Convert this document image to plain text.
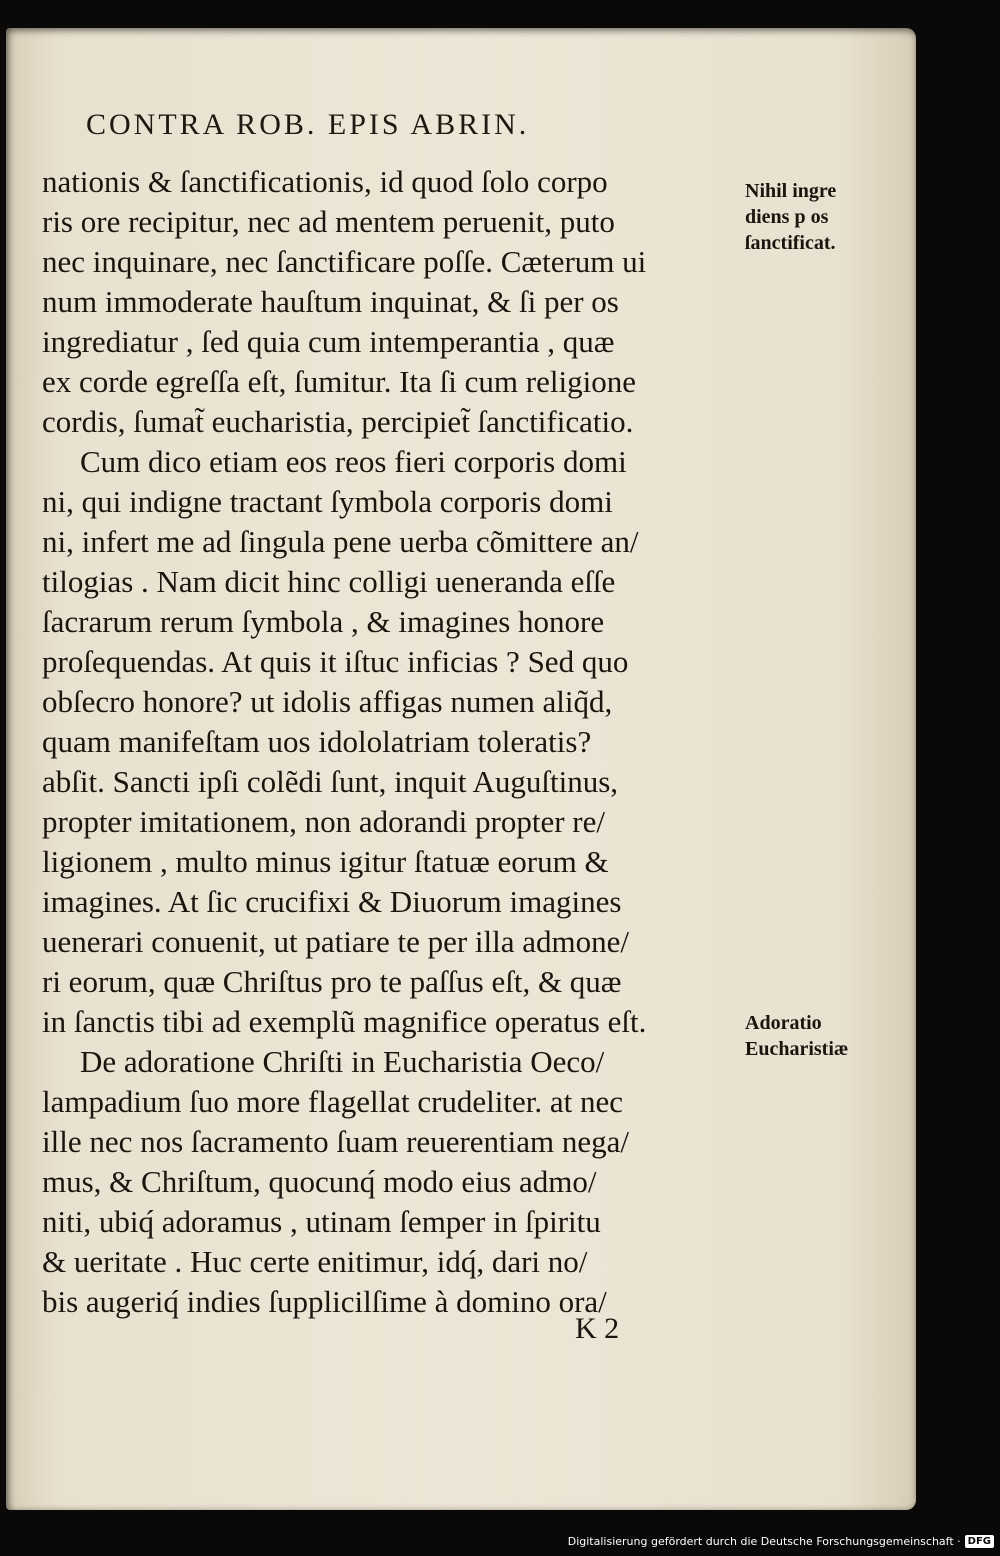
CONTRA ROB. EPIS ABRIN.
nationis & ſanctificationis, id quod ſolo corpo
ris ore recipitur, nec ad mentem peruenit, puto
nec inquinare, nec ſanctificare poſſe. Cæterum ui
num immoderate hauſtum inquinat, & ſi per os
ingrediatur , ſed quia cum intemperantia , quæ
ex corde egreſſa eſt, ſumitur. Ita ſi cum religione
cordis, ſumat̃ eucharistia, percipiet̃ ſanctificatio.
Cum dico etiam eos reos fieri corporis domi
ni, qui indigne tractant ſymbola corporis domi
ni, infert me ad ſingula pene uerba cõmittere an/
tilogias . Nam dicit hinc colligi ueneranda eſſe
ſacrarum rerum ſymbola , & imagines honore
proſequendas. At quis it iſtuc inficias ? Sed quo
obſecro honore? ut idolis affigas numen aliq̃d,
quam manifeſtam uos idololatriam toleratis?
abſit. Sancti ipſi colẽdi ſunt, inquit Auguſtinus,
propter imitationem, non adorandi propter re/
ligionem , multo minus igitur ſtatuæ eorum &
imagines. At ſic crucifixi & Diuorum imagines
uenerari conuenit, ut patiare te per illa admone/
ri eorum, quæ Chriſtus pro te paſſus eſt, & quæ
in ſanctis tibi ad exemplũ magnifice operatus eſt.
De adoratione Chriſti in Eucharistia Oeco/
lampadium ſuo more flagellat crudeliter. at nec
ille nec nos ſacramento ſuam reuerentiam nega/
mus, & Chriſtum, quocunq́ modo eius admo/
niti, ubiq́ adoramus , utinam ſemper in ſpiritu
& ueritate . Huc certe enitimur, idq́, dari no/
bis augeriq́ indies ſupplicilſime à domino ora/
Nihil ingre
diens p os
ſanctificat.
Adoratio
Eucharistiæ
K 2
Digitalisierung gefördert durch die Deutsche Forschungsgemeinschaft · DFG
